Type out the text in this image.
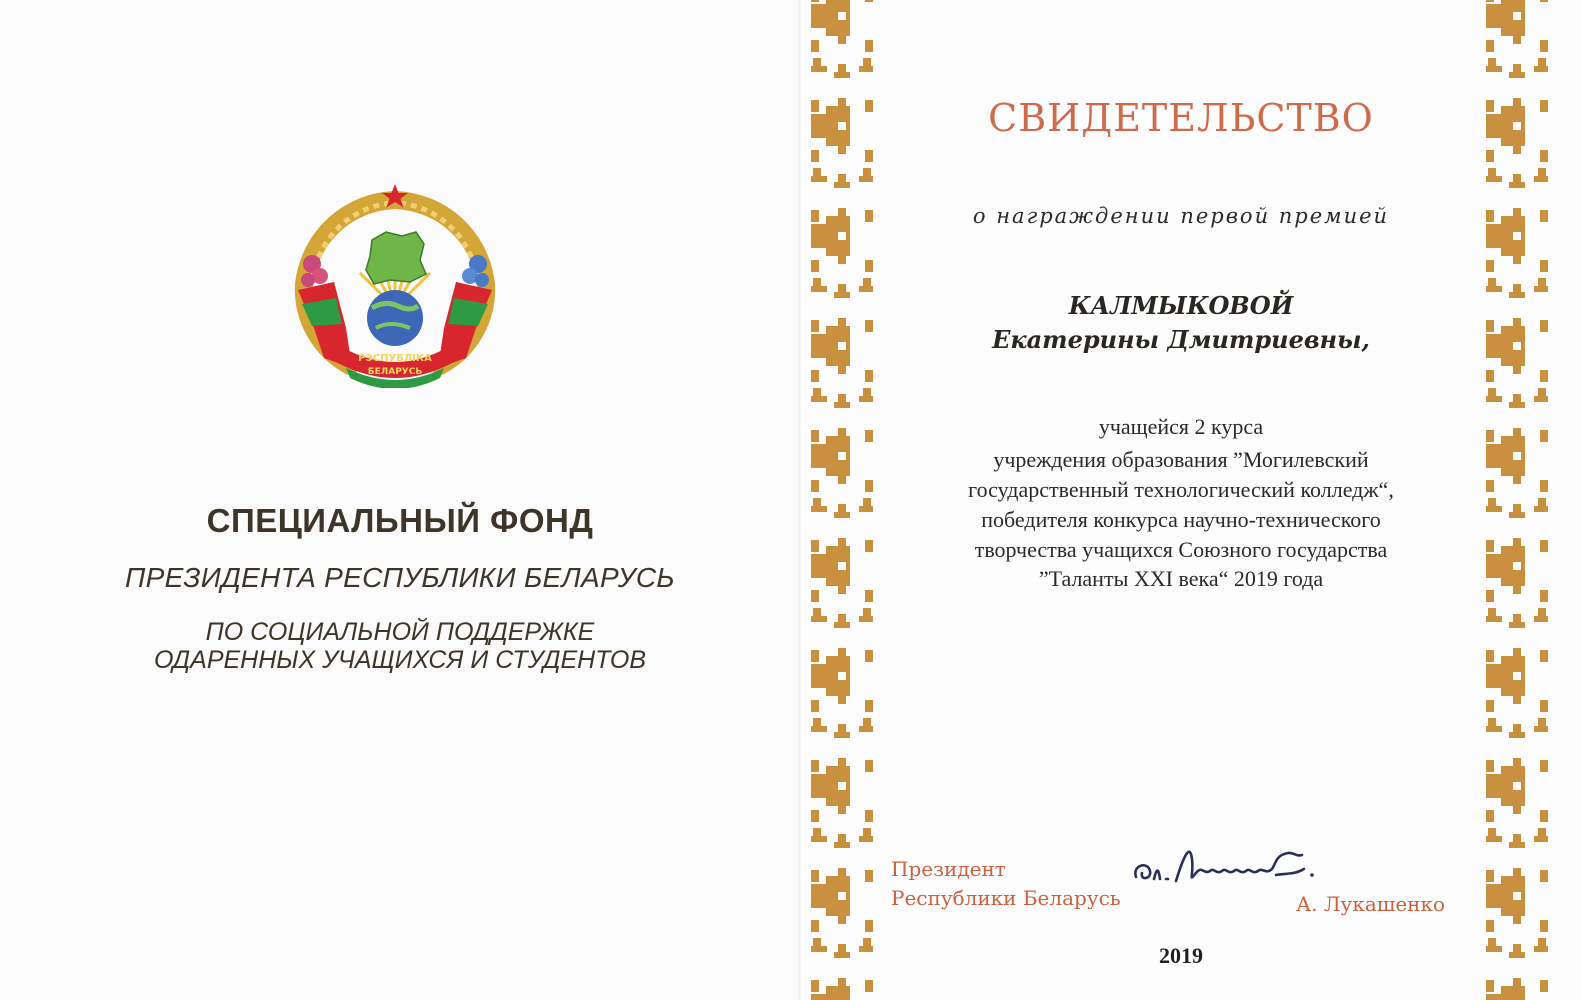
РЭСПУБЛІКА
БЕЛАРУСЬ
СПЕЦИАЛЬНЫЙ ФОНД
ПРЕЗИДЕНТА РЕСПУБЛИКИ БЕЛАРУСЬ
ПО СОЦИАЛЬНОЙ ПОДДЕРЖКЕ
ОДАРЕННЫХ УЧАЩИХСЯ И СТУДЕНТОВ
СВИДЕТЕЛЬСТВО
о награждении первой премией
КАЛМЫКОВОЙ
Екатерины Дмитриевны,
учащейся 2 курса
учреждения образования ”Могилевский
государственный технологический колледж“,
победителя конкурса научно-технического
творчества учащихся Союзного государства
”Таланты XXI века“ 2019 года
Президент
Республики Беларусь	А. Лукашенко
2019
